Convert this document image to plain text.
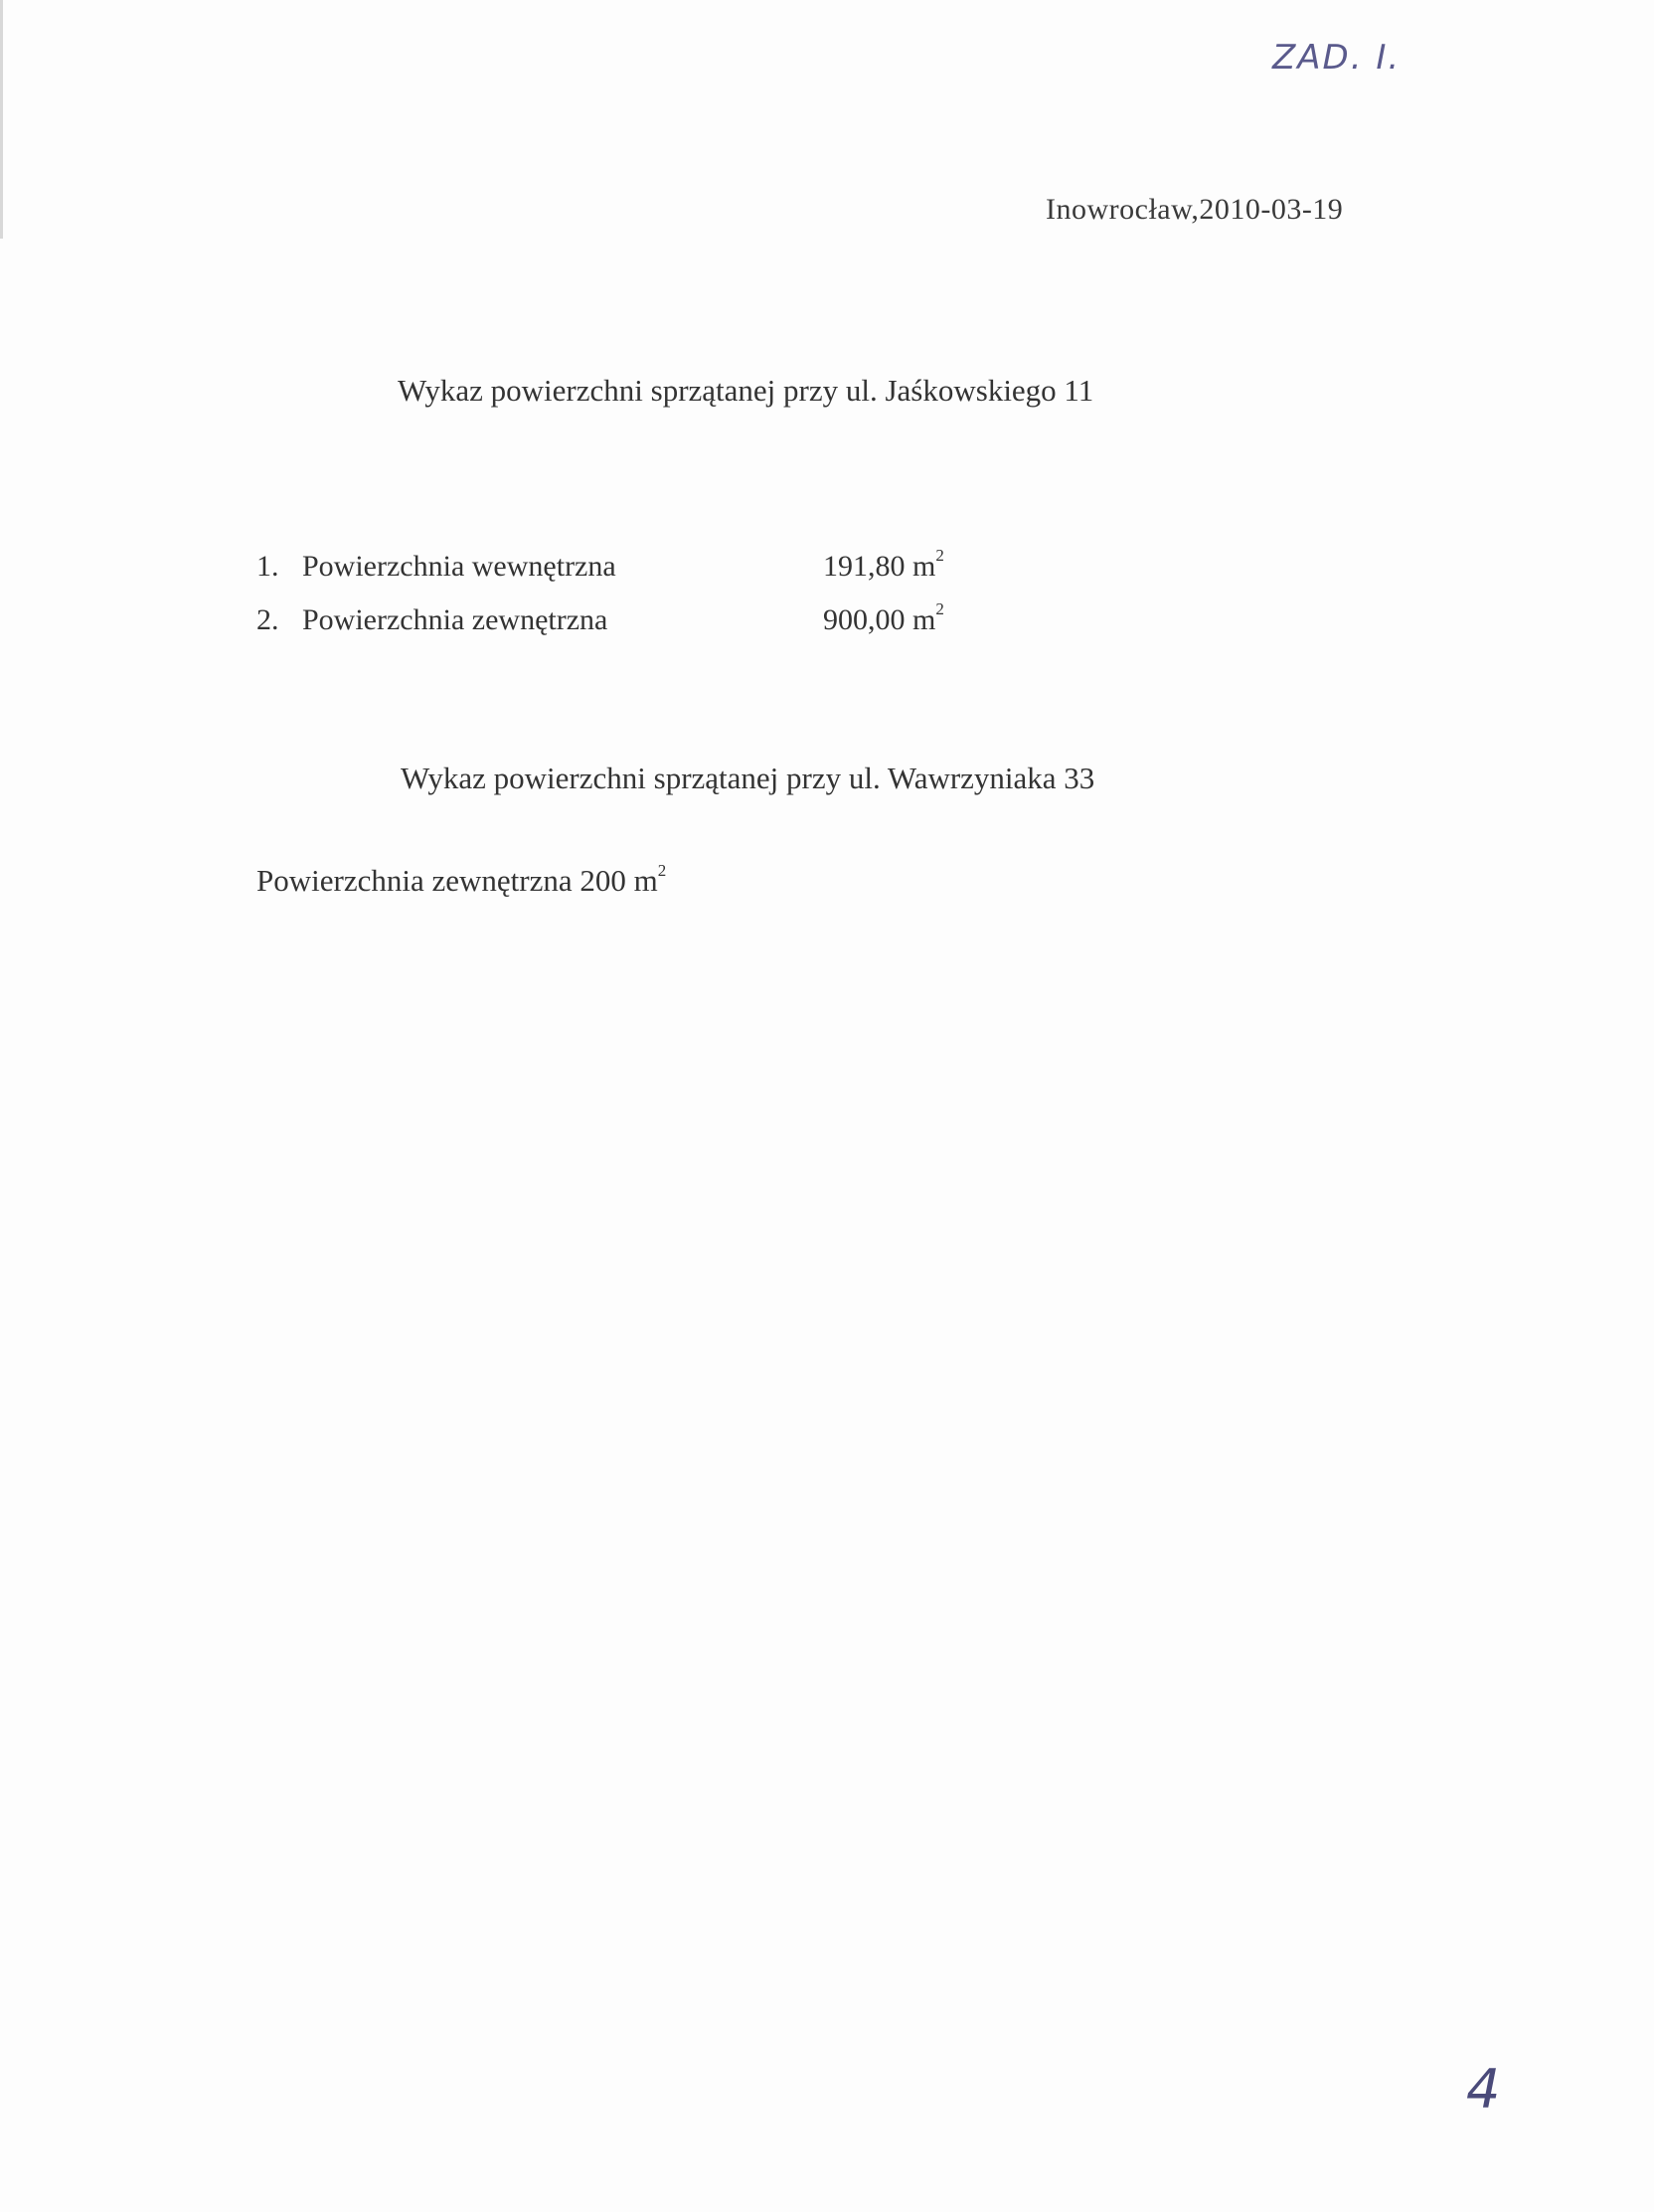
ZAD. I.
Inowrocław,2010-03-19
Wykaz powierzchni sprzątanej przy ul. Jaśkowskiego 11
1. Powierzchnia wewnętrzna	191,80 $m^2$
2. Powierzchnia zewnętrzna	900,00 $m^2$
Wykaz powierzchni sprzątanej przy ul. Wawrzyniaka 33
Powierzchnia zewnętrzna 200 $m^2$
4
